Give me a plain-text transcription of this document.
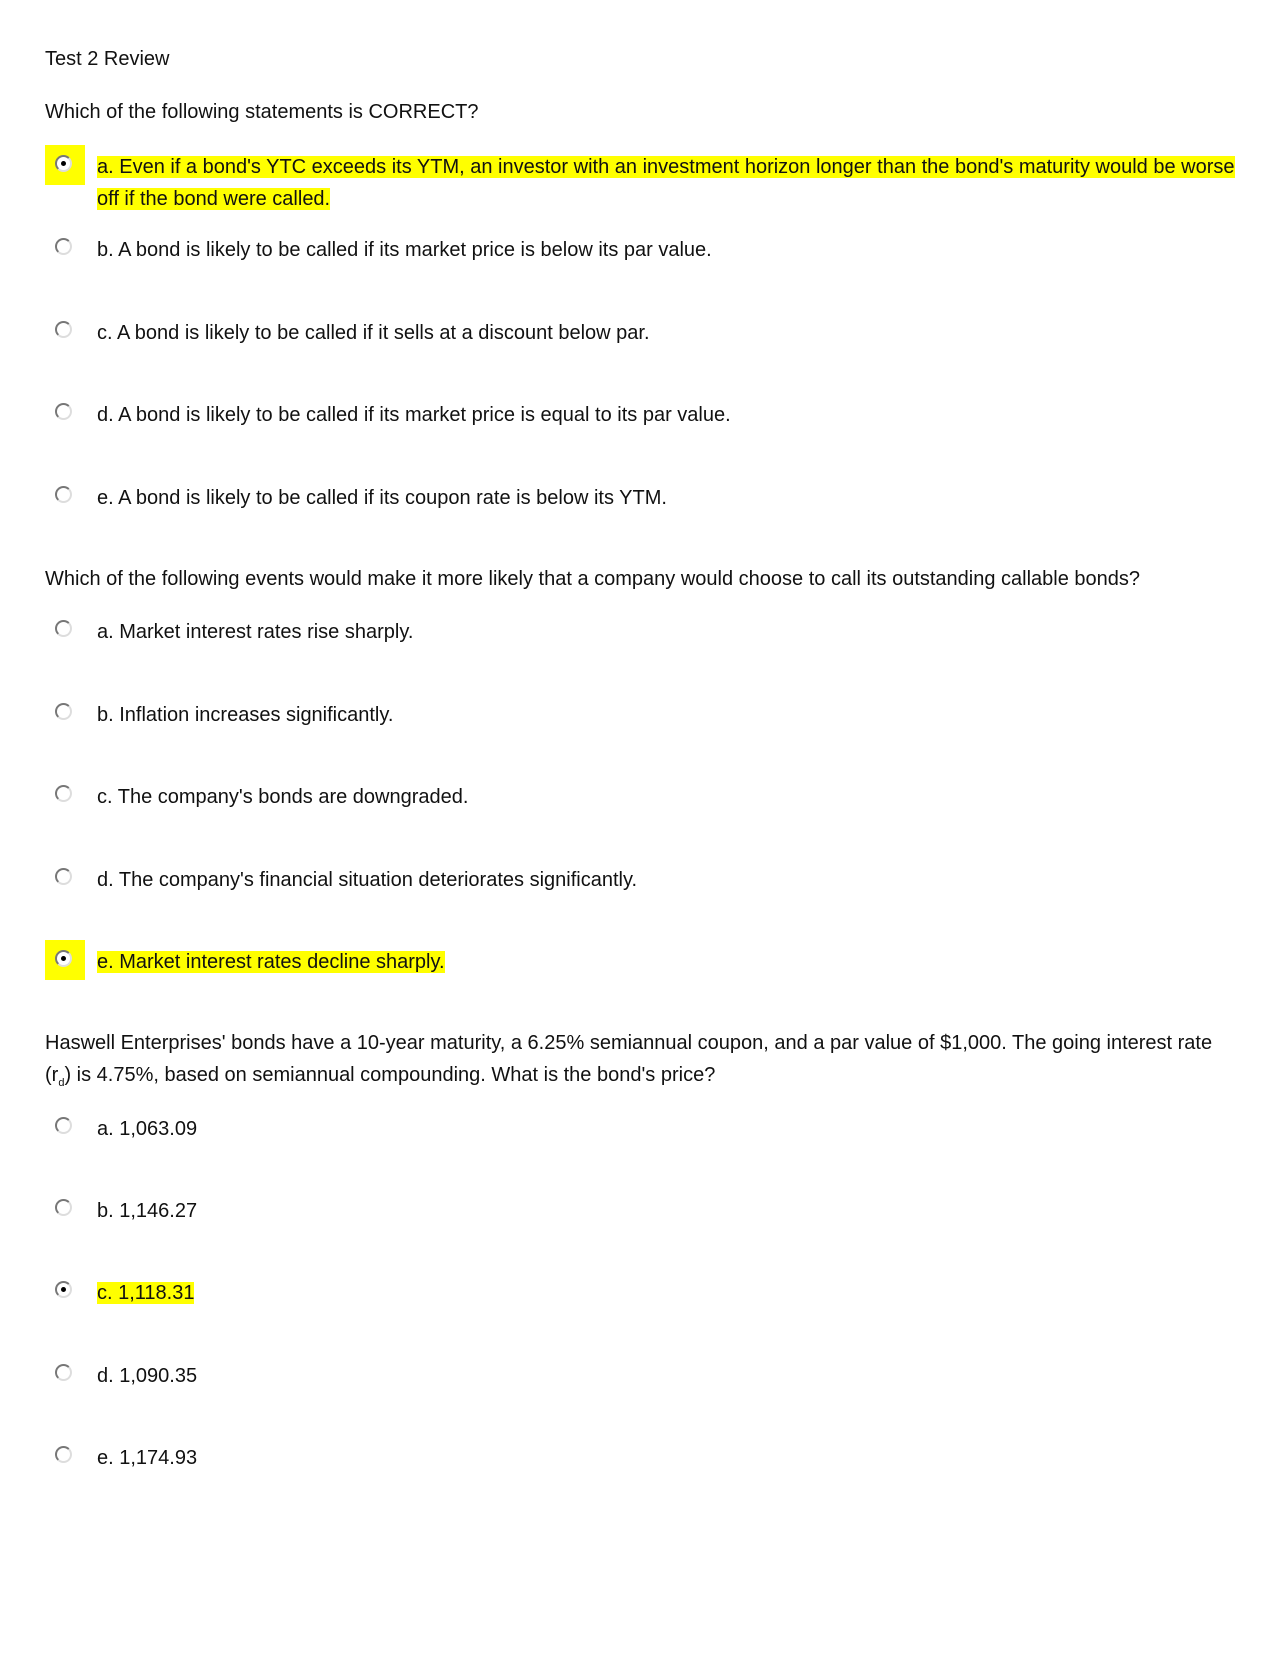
Test 2 Review
Which of the following statements is CORRECT?
a. Even if a bond's YTC exceeds its YTM, an investor with an investment horizon longer than the bond's maturity would be worse off if the bond were called.
b. A bond is likely to be called if its market price is below its par value.
c. A bond is likely to be called if it sells at a discount below par.
d. A bond is likely to be called if its market price is equal to its par value.
e. A bond is likely to be called if its coupon rate is below its YTM.
Which of the following events would make it more likely that a company would choose to call its outstanding callable bonds?
a. Market interest rates rise sharply.
b. Inflation increases significantly.
c. The company's bonds are downgraded.
d. The company's financial situation deteriorates significantly.
e. Market interest rates decline sharply.
Haswell Enterprises' bonds have a 10-year maturity, a 6.25% semiannual coupon, and a par value of $1,000. The going interest rate $(r_d)$ is 4.75%, based on semiannual compounding. What is the bond's price?
a. 1,063.09
b. 1,146.27
c. 1,118.31
d. 1,090.35
e. 1,174.93
